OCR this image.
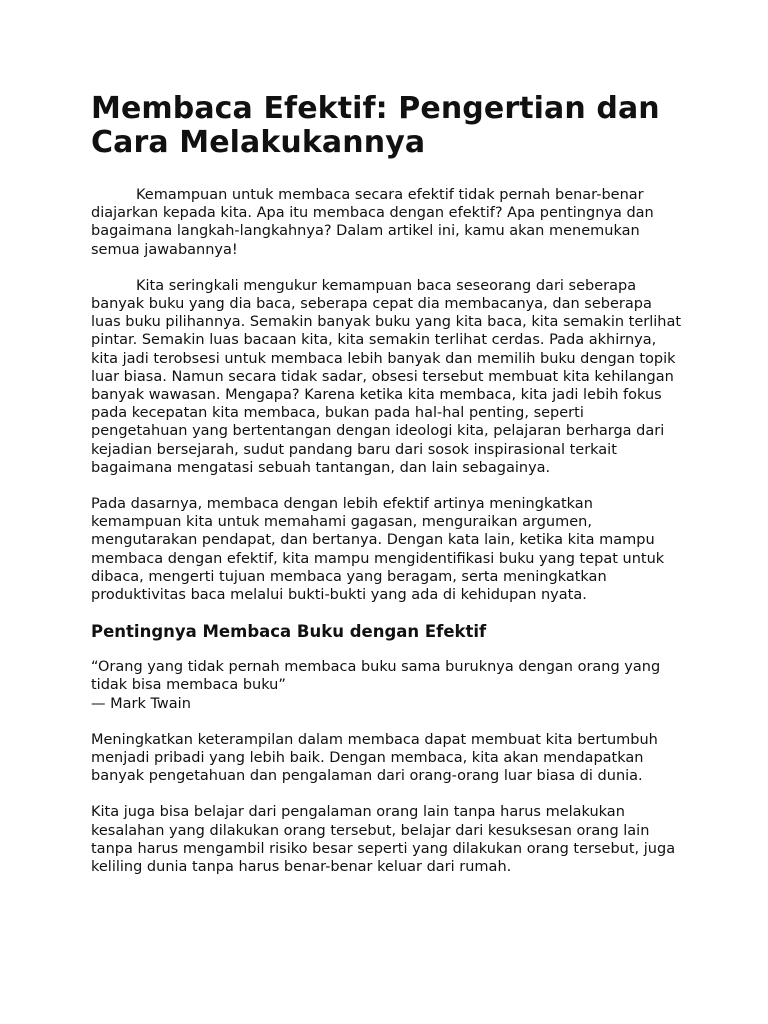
Membaca Efektif: Pengertian dan Cara Melakukannya

Kemampuan untuk membaca secara efektif tidak pernah benar-benar diajarkan kepada kita. Apa itu membaca dengan efektif? Apa pentingnya dan bagaimana langkah-langkahnya? Dalam artikel ini, kamu akan menemukan semua jawabannya!

Kita seringkali mengukur kemampuan baca seseorang dari seberapa banyak buku yang dia baca, seberapa cepat dia membacanya, dan seberapa luas buku pilihannya. Semakin banyak buku yang kita baca, kita semakin terlihat pintar. Semakin luas bacaan kita, kita semakin terlihat cerdas. Pada akhirnya, kita jadi terobsesi untuk membaca lebih banyak dan memilih buku dengan topik luar biasa. Namun secara tidak sadar, obsesi tersebut membuat kita kehilangan banyak wawasan. Mengapa? Karena ketika kita membaca, kita jadi lebih fokus pada kecepatan kita membaca, bukan pada hal-hal penting, seperti pengetahuan yang bertentangan dengan ideologi kita, pelajaran berharga dari kejadian bersejarah, sudut pandang baru dari sosok inspirasional terkait bagaimana mengatasi sebuah tantangan, dan lain sebagainya.

Pada dasarnya, membaca dengan lebih efektif artinya meningkatkan kemampuan kita untuk memahami gagasan, menguraikan argumen, mengutarakan pendapat, dan bertanya. Dengan kata lain, ketika kita mampu membaca dengan efektif, kita mampu mengidentifikasi buku yang tepat untuk dibaca, mengerti tujuan membaca yang beragam, serta meningkatkan produktivitas baca melalui bukti-bukti yang ada di kehidupan nyata.

Pentingnya Membaca Buku dengan Efektif
“Orang yang tidak pernah membaca buku sama buruknya dengan orang yang tidak bisa membaca buku”
— Mark Twain

Meningkatkan keterampilan dalam membaca dapat membuat kita bertumbuh menjadi pribadi yang lebih baik. Dengan membaca, kita akan mendapatkan banyak pengetahuan dan pengalaman dari orang-orang luar biasa di dunia.

Kita juga bisa belajar dari pengalaman orang lain tanpa harus melakukan kesalahan yang dilakukan orang tersebut, belajar dari kesuksesan orang lain tanpa harus mengambil risiko besar seperti yang dilakukan orang tersebut, juga keliling dunia tanpa harus benar-benar keluar dari rumah.
